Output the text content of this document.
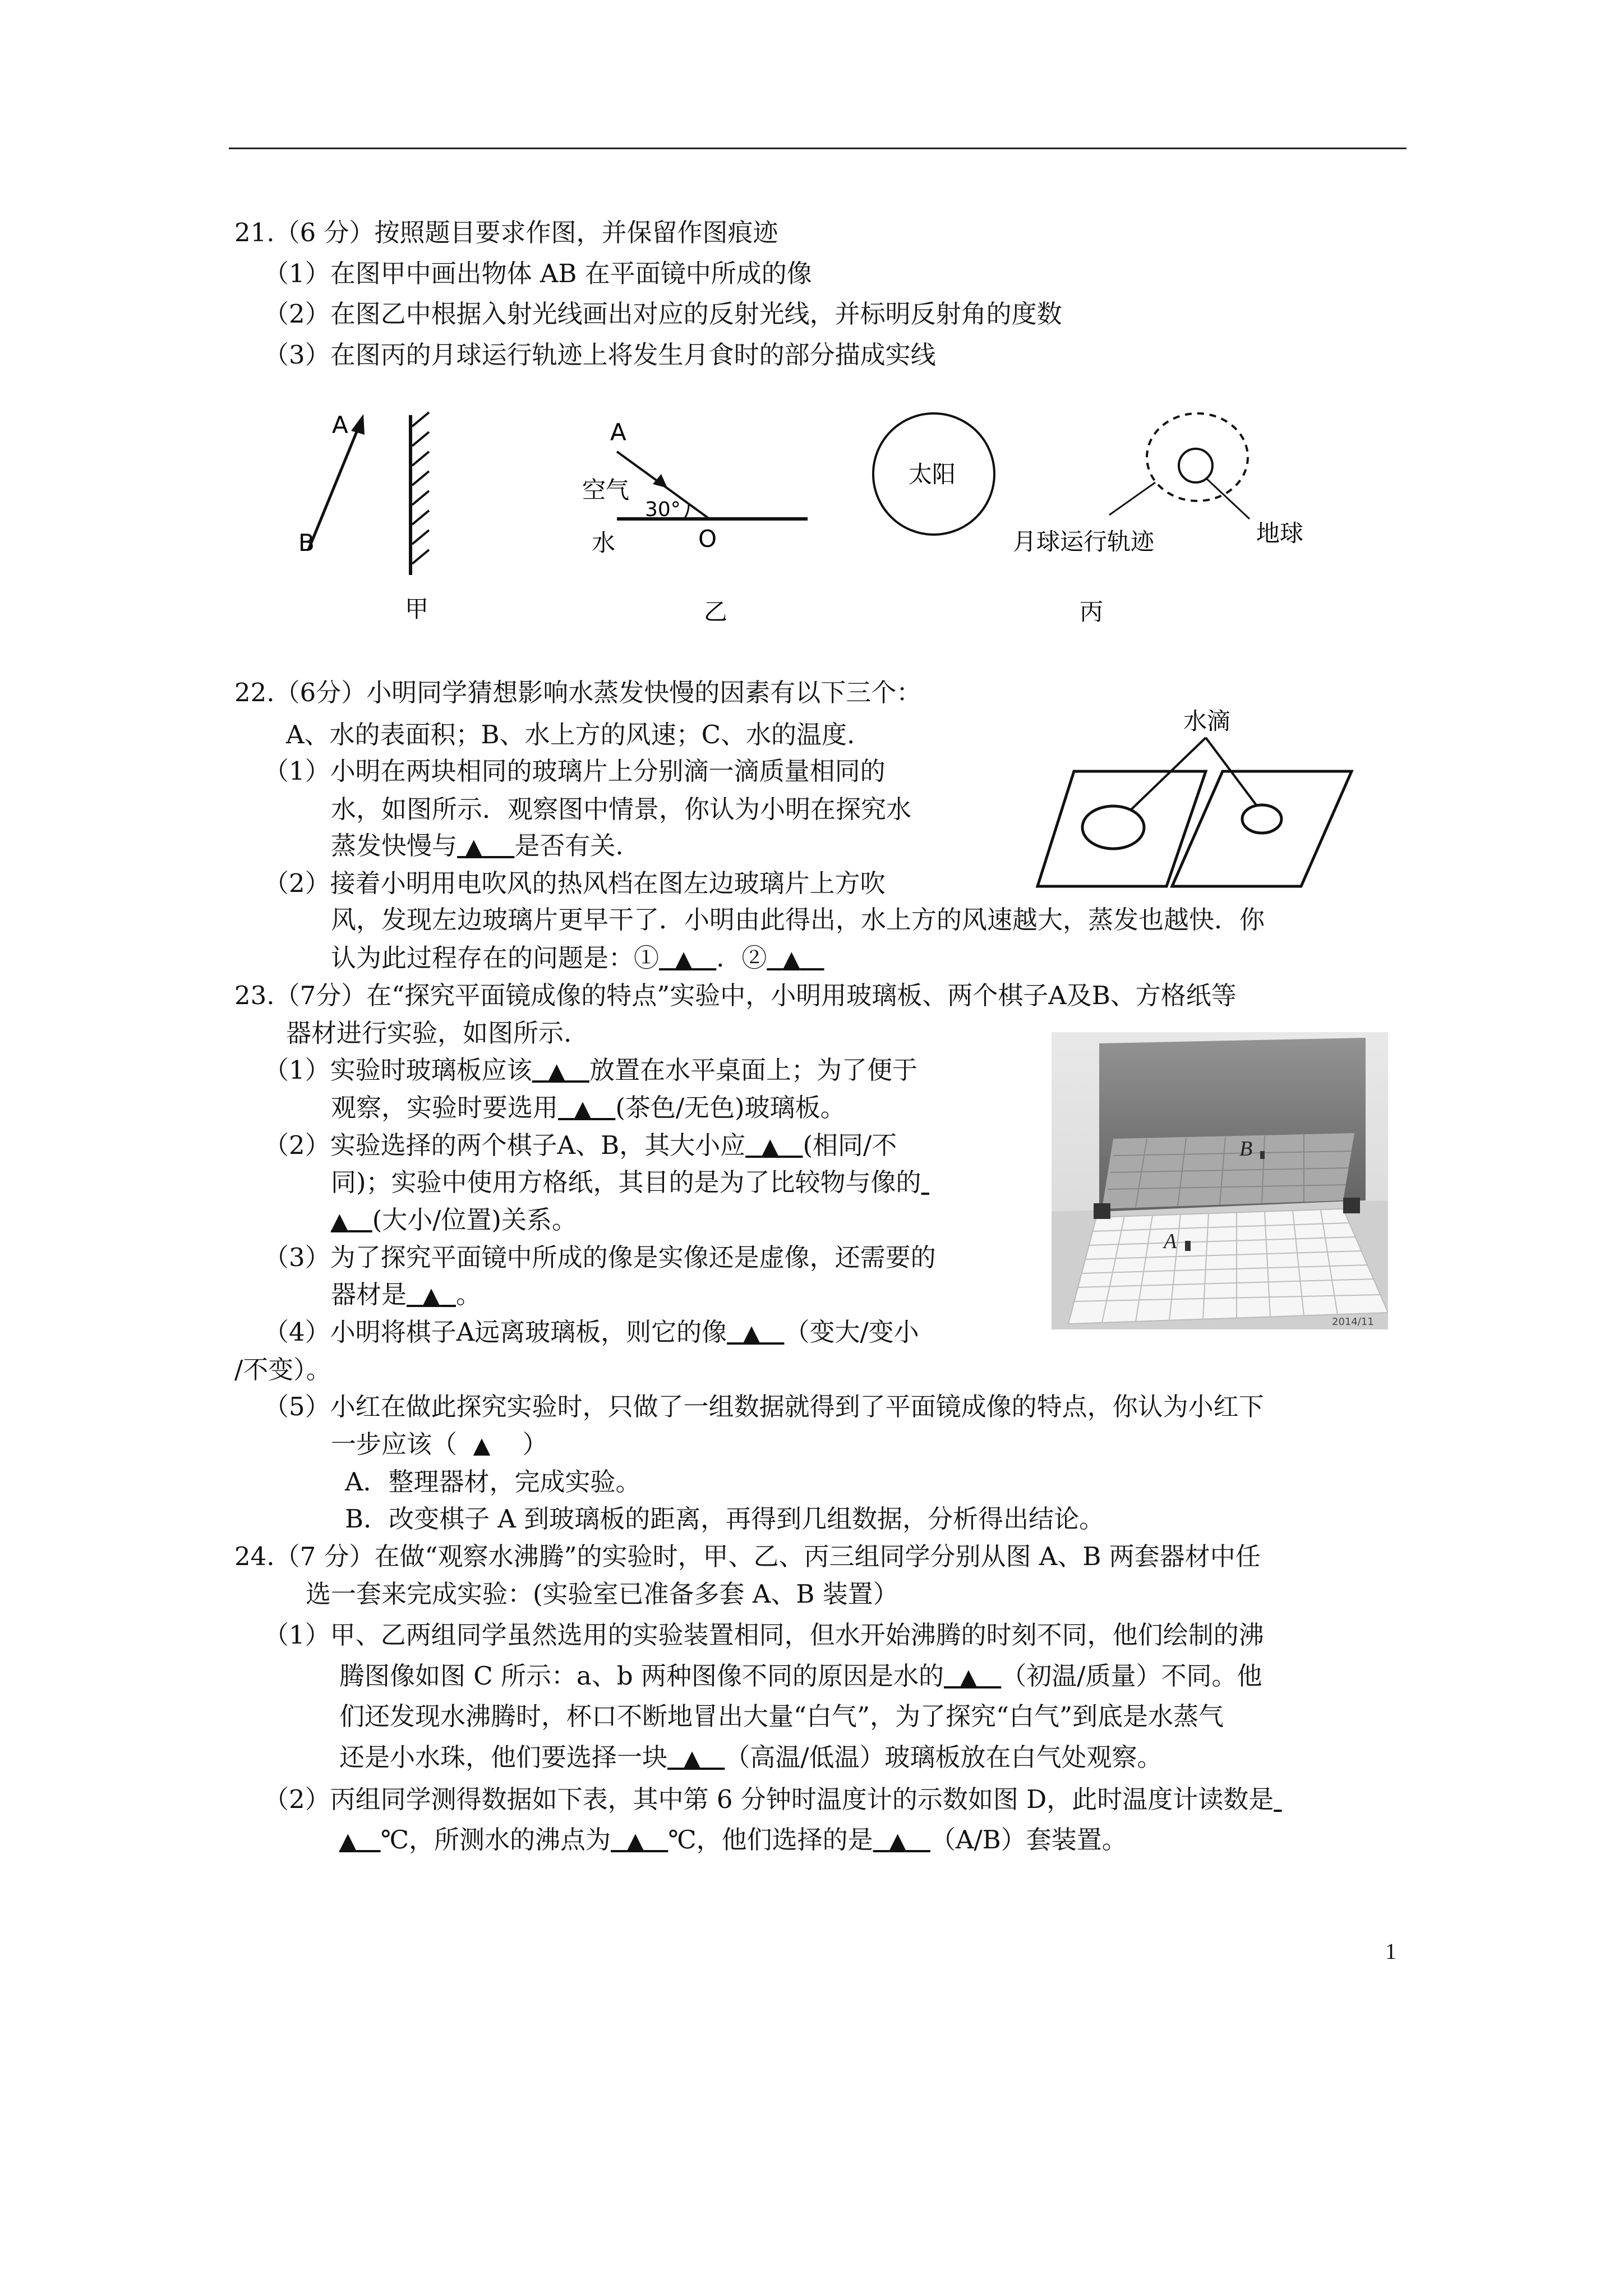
21.（6 分）按照题目要求作图，并保留作图痕迹
（1）在图甲中画出物体 AB 在平面镜中所成的像
（2）在图乙中根据入射光线画出对应的反射光线，并标明反射角的度数
（3）在图丙的月球运行轨迹上将发生月食时的部分描成实线
A
B
甲
A
空气
30°
水	O
乙
太阳
月球运行轨迹	地球
丙
22.（6分）小明同学猜想影响水蒸发快慢的因素有以下三个：
A、水的表面积；B、水上方的风速；C、水的温度.
（1）小明在两块相同的玻璃片上分别滴一滴质量相同的
水，如图所示．观察图中情景，你认为小明在探究水
蒸发快慢与 ▲ 是否有关.
（2）接着小明用电吹风的热风档在图左边玻璃片上方吹
风，发现左边玻璃片更早干了．小明由此得出，水上方的风速越大，蒸发也越快．你
认为此过程存在的问题是：① ▲ ．② ▲
水滴
23.（7分）在“探究平面镜成像的特点”实验中，小明用玻璃板、两个棋子A及B、方格纸等
器材进行实验，如图所示.
（1）实验时玻璃板应该 ▲ 放置在水平桌面上；为了便于
观察，实验时要选用 ▲ (茶色/无色)玻璃板。
（2）实验选择的两个棋子A、B，其大小应 ▲ (相同/不
同)；实验中使用方格纸，其目的是为了比较物与像的
▲ (大小/位置)关系。
（3）为了探究平面镜中所成的像是实像还是虚像，还需要的
器材是 ▲ 。
（4）小明将棋子A远离玻璃板，则它的像 ▲ （变大/变小
/不变）。
（5）小红在做此探究实验时，只做了一组数据就得到了平面镜成像的特点，你认为小红下
一步应该（ ▲ ）
A．整理器材，完成实验。
B．改变棋子 A 到玻璃板的距离，再得到几组数据，分析得出结论。
B
A
2014/11
24.（7 分）在做“观察水沸腾”的实验时，甲、乙、丙三组同学分别从图 A、B 两套器材中任
选一套来完成实验：(实验室已准备多套 A、B 装置）
（1）甲、乙两组同学虽然选用的实验装置相同，但水开始沸腾的时刻不同，他们绘制的沸
腾图像如图 C 所示：a、b 两种图像不同的原因是水的 ▲ （初温/质量）不同。他
们还发现水沸腾时，杯口不断地冒出大量“白气”，为了探究“白气”到底是水蒸气
还是小水珠，他们要选择一块 ▲ （高温/低温）玻璃板放在白气处观察。
（2）丙组同学测得数据如下表，其中第 6 分钟时温度计的示数如图 D，此时温度计读数是
▲ ℃，所测水的沸点为 ▲ ℃，他们选择的是 ▲ （A/B）套装置。
1
